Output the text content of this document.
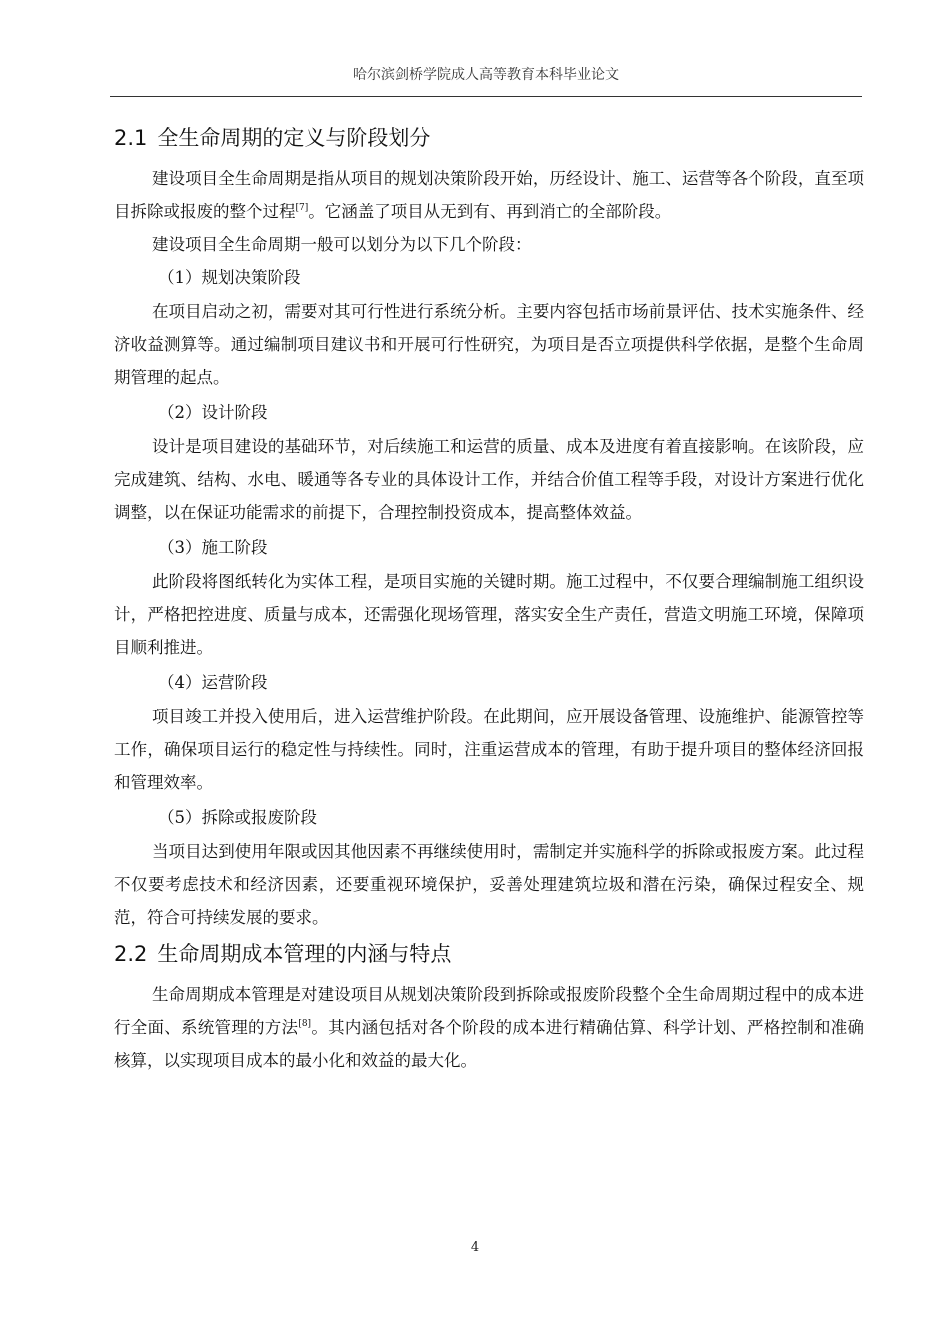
哈尔滨剑桥学院成人高等教育本科毕业论文
2.1 全生命周期的定义与阶段划分

建设项目全生命周期是指从项目的规划决策阶段开始，历经设计、施工、运营等各个阶段，直至项目拆除或报废的整个过程[7]。它涵盖了项目从无到有、再到消亡的全部阶段。

建设项目全生命周期一般可以划分为以下几个阶段：

（1）规划决策阶段

在项目启动之初，需要对其可行性进行系统分析。主要内容包括市场前景评估、技术实施条件、经济收益测算等。通过编制项目建议书和开展可行性研究，为项目是否立项提供科学依据，是整个生命周期管理的起点。

（2）设计阶段

设计是项目建设的基础环节，对后续施工和运营的质量、成本及进度有着直接影响。在该阶段，应完成建筑、结构、水电、暖通等各专业的具体设计工作，并结合价值工程等手段，对设计方案进行优化调整，以在保证功能需求的前提下，合理控制投资成本，提高整体效益。

（3）施工阶段

此阶段将图纸转化为实体工程，是项目实施的关键时期。施工过程中，不仅要合理编制施工组织设计，严格把控进度、质量与成本，还需强化现场管理，落实安全生产责任，营造文明施工环境，保障项目顺利推进。

（4）运营阶段

项目竣工并投入使用后，进入运营维护阶段。在此期间，应开展设备管理、设施维护、能源管控等工作，确保项目运行的稳定性与持续性。同时，注重运营成本的管理，有助于提升项目的整体经济回报和管理效率。

（5）拆除或报废阶段

当项目达到使用年限或因其他因素不再继续使用时，需制定并实施科学的拆除或报废方案。此过程不仅要考虑技术和经济因素，还要重视环境保护，妥善处理建筑垃圾和潜在污染，确保过程安全、规范，符合可持续发展的要求。

2.2 生命周期成本管理的内涵与特点

生命周期成本管理是对建设项目从规划决策阶段到拆除或报废阶段整个全生命周期过程中的成本进行全面、系统管理的方法[8]。其内涵包括对各个阶段的成本进行精确估算、科学计划、严格控制和准确核算，以实现项目成本的最小化和效益的最大化。

4
